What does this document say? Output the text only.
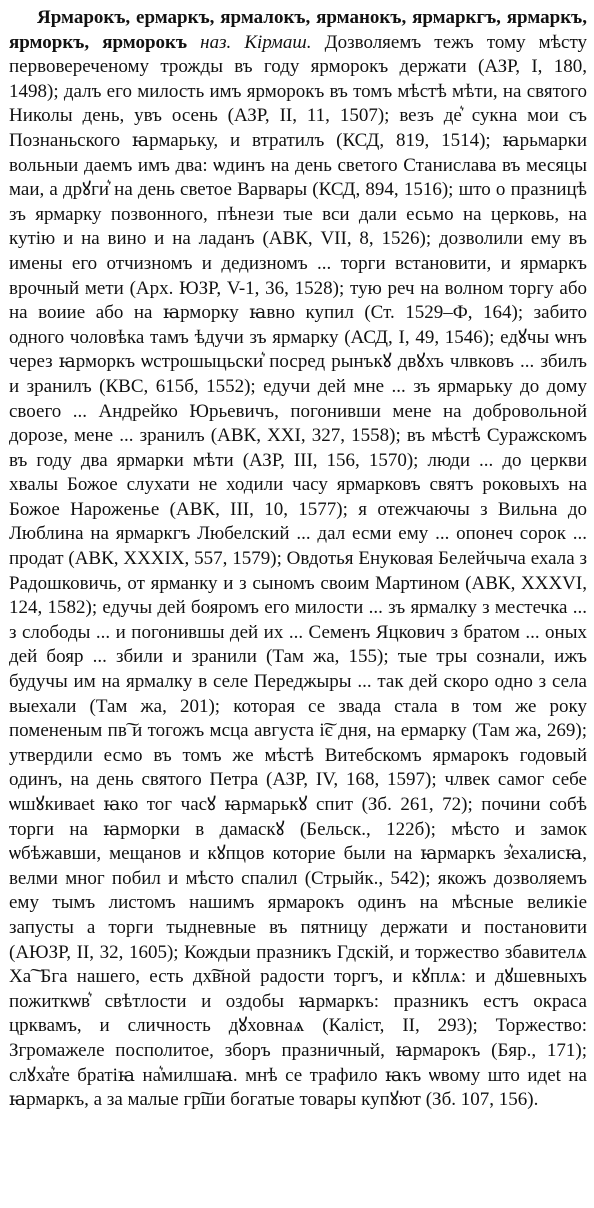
Ярмарокъ, ермаркъ, ярмалокъ, ярманокъ, ярмаркгъ, ярмаркъ, ярморкъ, ярморокъ наз. Кірмаш. Дозволяемъ тежъ тому мѣсту первовереченому трожды въ году ярморокъ держати (АЗР, I, 180, 1498); далъ его милость имъ ярморокъ въ томъ мѣстѣ мѣти, на святого Николы день, увъ осень (АЗР, II, 11, 1507); везъ де͛ сукна мои съ Познаньского ꙗрмарьку, и втратилъ (КСД, 819, 1514); ꙗрьмарки вольныи даемъ имъ два: ѡдинъ на день светого Станислава въ месяцы маи, а дрꙋги͛ на день светое Варвары (КСД, 894, 1516); што о празницѣ зъ ярмарку позвонного, пѣнези тые вси дали есьмо на церковь, на кутію и на вино и на ладанъ (АВК, VII, 8, 1526); дозволили ему въ имены его отчизномъ и дедизномъ ... торги встановити, и ярмаркъ врочный мети (Арх. ЮЗР, V-1, 36, 1528); тую реч на волном торгу або на воиие або на ꙗрморку ꙗвно купил (Ст. 1529–Ф, 164); забито одного чоловѣка тамъ ѣдучи зъ ярмарку (АСД, I, 49, 1546); едꙋчы ѡнъ через ꙗрморкъ ѡстрошыцьски͛ посред рынъкꙋ двꙋхъ члвковъ ... збилъ и зранилъ (КВС, 615б, 1552); едучи дей мне ... зъ ярмарьку до дому своего ... Андрейко Юрьевичъ, погонивши мене на добровольной дорозе, мене ... зранилъ (АВК, XXI, 327, 1558); въ мѣстѣ Суражскомъ въ году два ярмарки мѣти (АЗР, III, 156, 1570); люди ... до церкви хвалы Божое слухати не ходили часу ярмарковъ святъ роковыхъ на Божое Нароженье (АВК, III, 10, 1577); я отежчаючы з Вильна до Люблина на ярмаркгъ Любелский ... дал есми ему ... опонеч сорок ... продат (АВК, XXXIX, 557, 1579); Овдотья Енуковая Белейчыча ехала з Радошковичь, от ярманку и з сыномъ своим Мартином (АВК, XXXVI, 124, 1582); едучы дей бояромъ его милости ... зъ ярмалку з местечка ... з слободы ... и погонившы дей их ... Семенъ Яцкович з братом ... оных дей бояр ... збили и зранили (Там жа, 155); тые тры сознали, ижъ будучы им на ярмалку в селе Переджыры ... так дей скоро одно з села выехали (Там жа, 201); которая се звада стала в том же року помененым пв͠ и тогожъ мсца августа і͠є дня, на ермарку (Там жа, 269); утвердили есмо въ томъ же мѣстѣ Витебскомъ ярмарокъ годовый одинъ, на день святого Петра (АЗР, IV, 168, 1597); члвек самог себе ѡшꙋкиваеt ꙗко тог часꙋ ꙗрмарькꙋ спит (Зб. 261, 72); почини собѣ торги на ꙗрморки в дамаскꙋ (Бельск., 122б); мѣсто и замок ѡбѣжавши, мещанов и кꙋпцов которие были на ꙗрмаркъ з͛ехалисꙗ, велми мног побил и мѣсто спалил (Стрыйк., 542); якожъ дозволяемъ ему тымъ листомъ нашимъ ярмарокъ одинъ на мѣсные великіе запусты а торги тыдневные въ пятницу держати и постанoвити (АЮЗР, II, 32, 1605); Кождыи празникъ Гдскій, и торжество збавителѧ Ха͠ Бга нашего, есть дх͠вной радости торгъ, и кꙋплѧ: и дꙋшевныхъ пожиткѡв͛ свѣтлости и оздобы ꙗрмаркъ: празникъ естъ окраса црквамъ, и сличность дꙋховнаѧ (Каліст, II, 293); Торжество: Згромажеле посполитое, зборъ празничный, ꙗрмарокъ (Бяр., 171); слꙋха͛те братіꙗ на͛милшаꙗ. мнѣ се трафило ꙗкъ ѡвому што идеt на ꙗрмаркъ, а за малые гр͠ши богатые товары купꙋют (Зб. 107, 156).
